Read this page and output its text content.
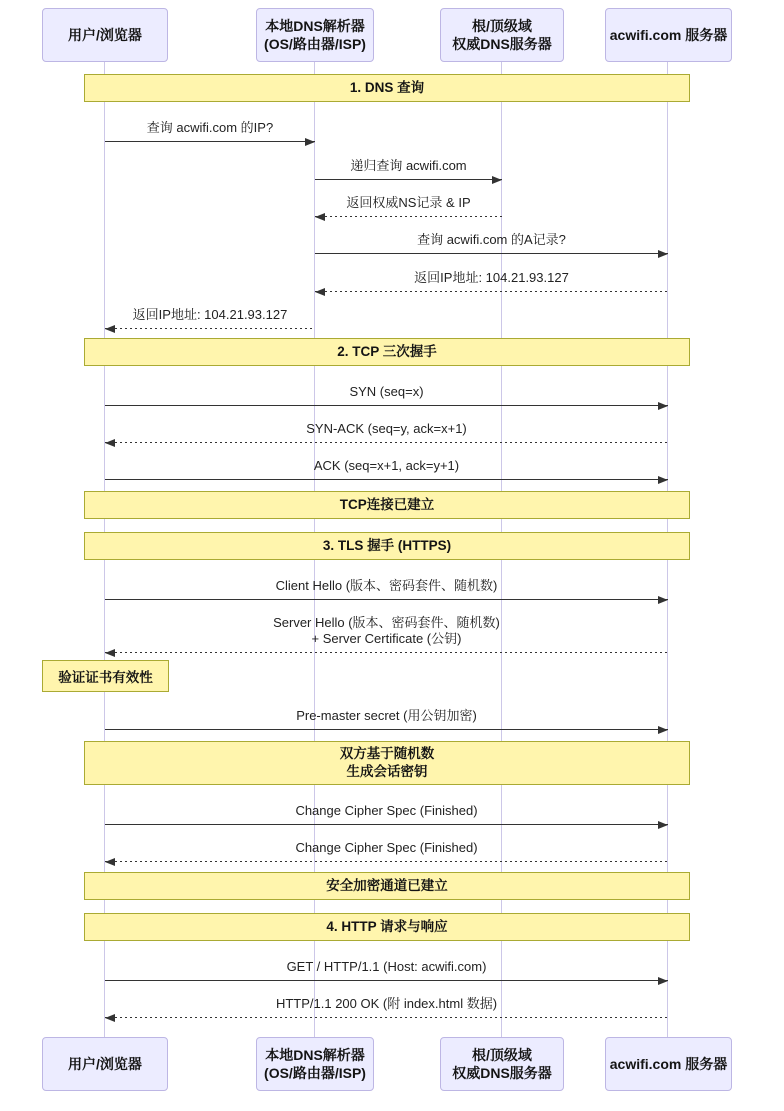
用户/浏览器
本地DNS解析器
(OS/路由器/ISP)
根/顶级域
权威DNS服务器
acwifi.com 服务器
1. DNS 查询
查询 acwifi.com 的IP?
递归查询 acwifi.com
返回权威NS记录 & IP
查询 acwifi.com 的A记录?
返回IP地址: 104.21.93.127
返回IP地址: 104.21.93.127
2. TCP 三次握手
SYN (seq=x)
SYN-ACK (seq=y, ack=x+1)
ACK (seq=x+1, ack=y+1)
TCP连接已建立
3. TLS 握手 (HTTPS)
Client Hello (版本、密码套件、随机数)
Server Hello (版本、密码套件、随机数)
+ Server Certificate (公钥)
验证证书有效性
Pre-master secret (用公钥加密)
双方基于随机数
生成会话密钥
Change Cipher Spec (Finished)
Change Cipher Spec (Finished)
安全加密通道已建立
4. HTTP 请求与响应
GET / HTTP/1.1 (Host: acwifi.com)
HTTP/1.1 200 OK (附 index.html 数据)
用户/浏览器
本地DNS解析器
(OS/路由器/ISP)
根/顶级域
权威DNS服务器
acwifi.com 服务器
